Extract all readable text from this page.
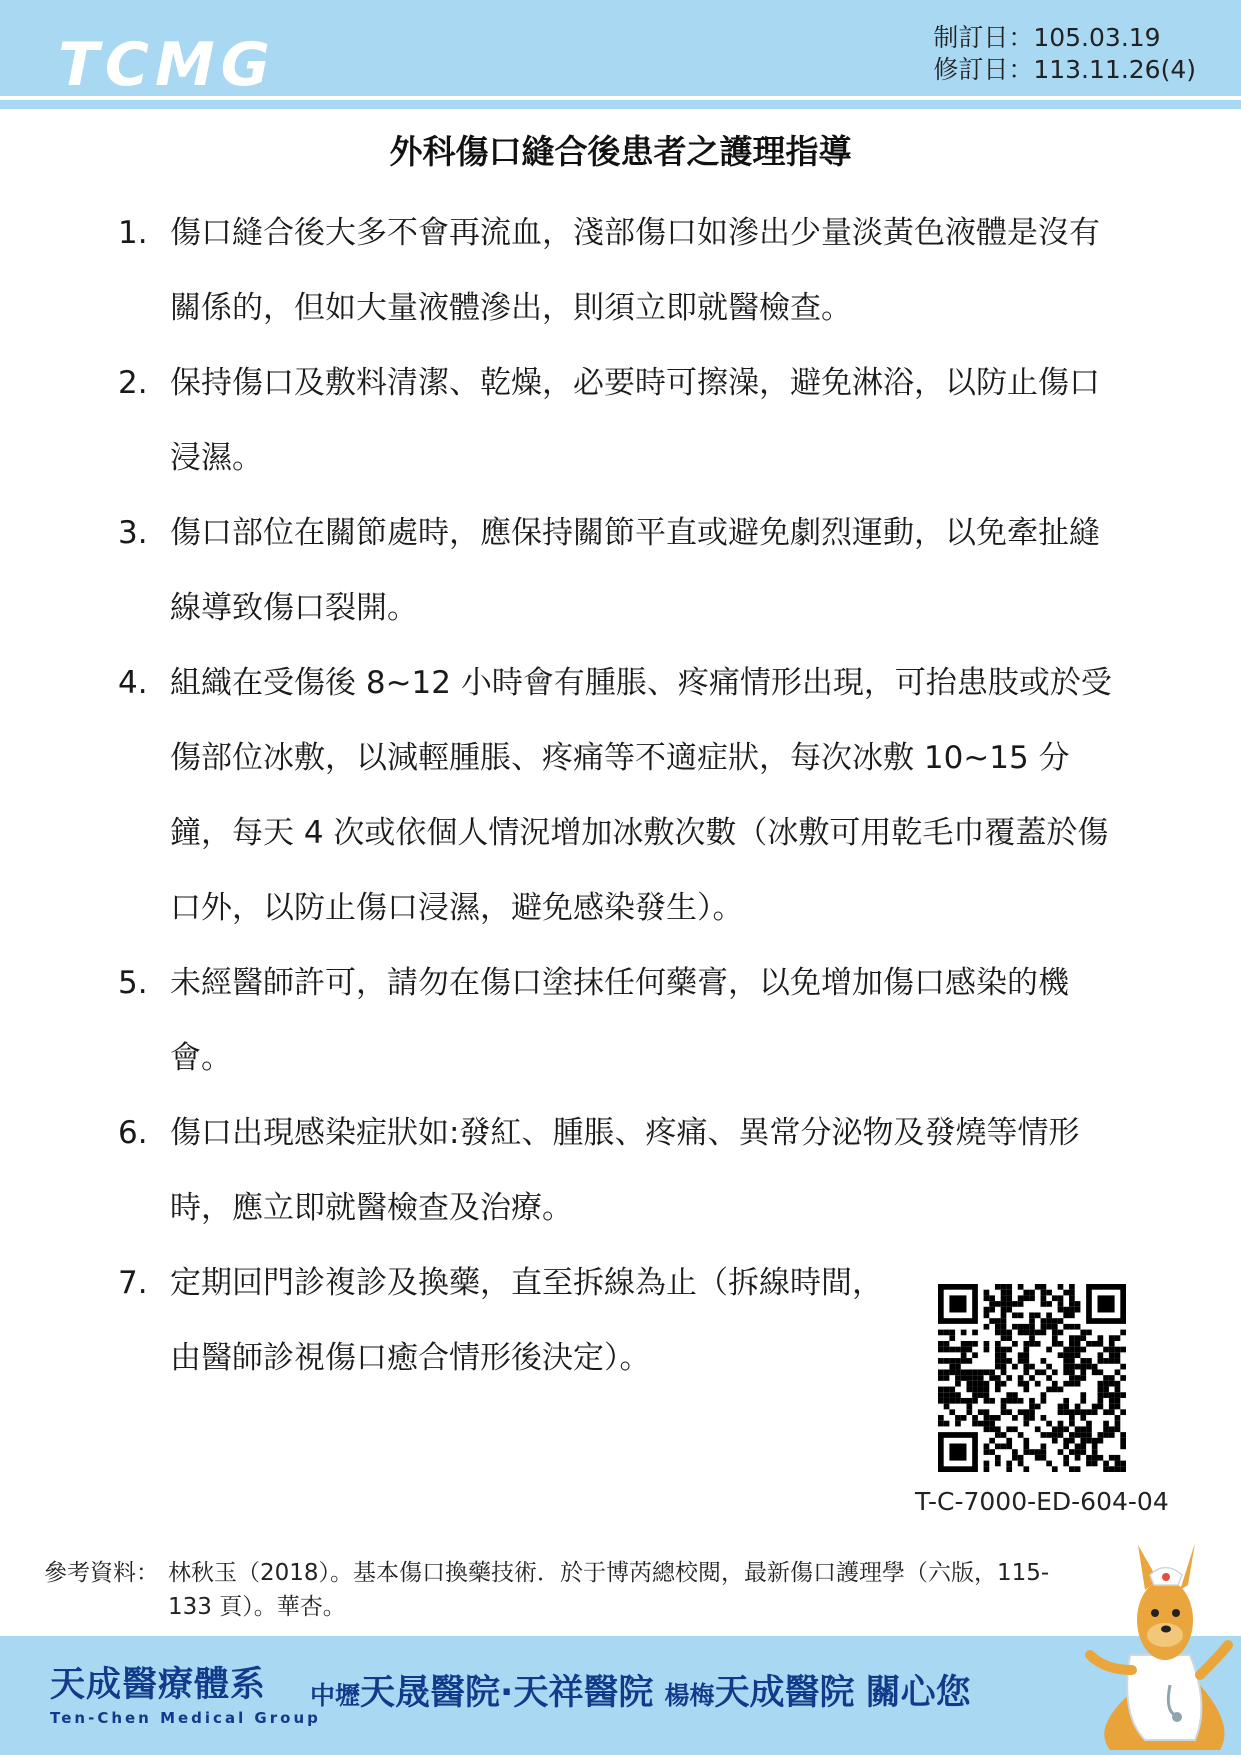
TCMG	制訂日：105.03.19
修訂日：113.11.26(4)
外科傷口縫合後患者之護理指導
1. 傷口縫合後大多不會再流血，淺部傷口如滲出少量淡黃色液體是沒有關係的，但如大量液體滲出，則須立即就醫檢查。
2. 保持傷口及敷料清潔、乾燥，必要時可擦澡，避免淋浴，以防止傷口浸濕。
3. 傷口部位在關節處時，應保持關節平直或避免劇烈運動，以免牽扯縫線導致傷口裂開。
4. 組織在受傷後 8~12 小時會有腫脹、疼痛情形出現，可抬患肢或於受傷部位冰敷，以減輕腫脹、疼痛等不適症狀，每次冰敷 10~15 分鐘，每天 4 次或依個人情況增加冰敷次數（冰敷可用乾毛巾覆蓋於傷口外，以防止傷口浸濕，避免感染發生）。
5. 未經醫師許可，請勿在傷口塗抹任何藥膏，以免增加傷口感染的機會。
6. 傷口出現感染症狀如:發紅、腫脹、疼痛、異常分泌物及發燒等情形時，應立即就醫檢查及治療。
7. 定期回門診複診及換藥，直至拆線為止（拆線時間，由醫師診視傷口癒合情形後決定）。
T-C-7000-ED-604-04
參考資料： 林秋玉（2018）。基本傷口換藥技術．於于博芮總校閱，最新傷口護理學（六版，115-133 頁）。華杏。
天成醫療體系
Ten-Chen Medical Group
中壢天晟醫院·天祥醫院 楊梅天成醫院 關心您
